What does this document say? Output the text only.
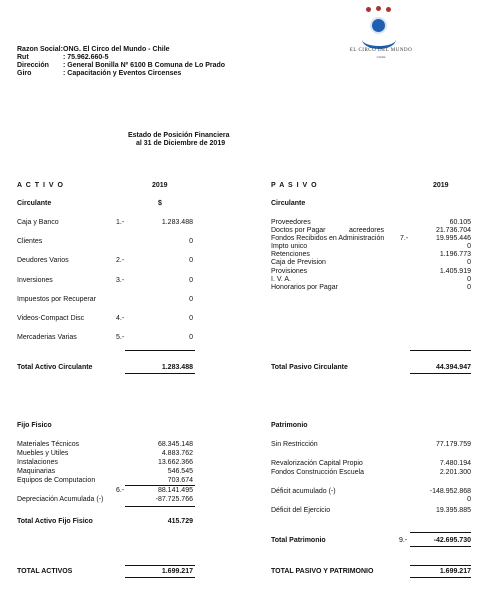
EL CIRCO DEL MUNDO
CHILE
Razon Social: ONG. El Circo del Mundo - Chile
Rut	: 75.962.660-5
Dirección : General Bonilla Nº 6100 B Comuna de Lo Prado
Giro	: Capacitación y Eventos Circenses
Estado de Posición Financiera
al 31 de Diciembre de 2019
A C T I V O	2019
Circulante	$
Caja y Banco	1.-	1.283.488
Clientes	0
Deudores Varios	2.-	0
Inversiones	3.-	0
Impuestos por Recuperar	0
Videos-Compact Disc	4.-	0
Mercaderias Varias	5.-	0
Total Activo Circulante	1.283.488
Fijo Fisico
Materiales Técnicos	68.345.148
Muebles y Utiles	4.883.762
Instalaciones	13.662.366
Maquinarias	546.545
Equipos de Computacion	703.674
6.-	88.141.495
Depreciación Acumulada (-)	-87.725.766
Total Activo Fijo Fisico	415.729
TOTAL ACTIVOS	1.699.217
P A S I V O	2019
Circulante
Proveedores	60.105
Doctos por Pagar	acreedores	21.736.704
Fondos Recibidos en Administración 7.-	19.995.446
Impto unico	0
Retenciones	1.196.773
Caja de Prevision	0
Provisiones	1.405.919
I. V. A.	0
Honorarios por Pagar	0
Total Pasivo Circulante	44.394.947
Patrimonio
Sin Restricción	77.179.759
Revalorización Capital Propio	7.480.194
Fondos Construcción Escuela	2.201.300
Déficit acumulado (-)	-148.952.868
0
Déficit del Ejercicio	19.395.885
Total Patrimonio	9.-	-42.695.730
TOTAL PASIVO Y PATRIMONIO	1.699.217
